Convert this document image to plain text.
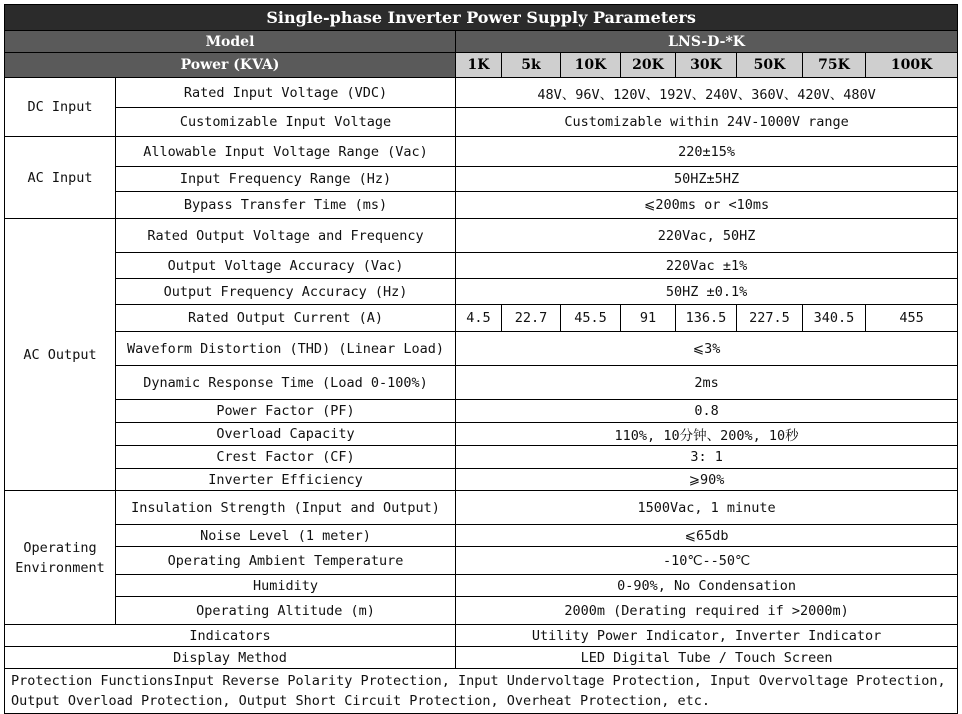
Single-phase Inverter Power Supply Parameters									
Model		LNS-D-*K							
Power (KVA)		1K	5k	10K	20K	30K	50K	75K	100K
DC Input	Rated Input Voltage (VDC)	48V、96V、120V、192V、240V、360V、420V、480V							
	Customizable Input Voltage	Customizable within 24V-1000V range							
AC Input	Allowable Input Voltage Range (Vac)	220±15%							
	Input Frequency Range (Hz)	50HZ±5HZ							
	Bypass Transfer Time (ms)	⩽200ms or <10ms							
AC Output	Rated Output Voltage and Frequency	220Vac, 50HZ							
	Output Voltage Accuracy (Vac)	220Vac ±1%							
	Output Frequency Accuracy (Hz)	50HZ ±0.1%							
	Rated Output Current (A)	4.5	22.7	45.5	91	136.5	227.5	340.5	455
	Waveform Distortion (THD) (Linear Load)	⩽3%							
	Dynamic Response Time (Load 0-100%)	2ms							
	Power Factor (PF)	0.8							
	Overload Capacity	110%, 10分钟、200%, 10秒							
	Crest Factor (CF)	3: 1							
	Inverter Efficiency	⩾90%							
Operating Environment	Insulation Strength (Input and Output)	1500Vac, 1 minute							
	Noise Level (1 meter)	⩽65db							
	Operating Ambient Temperature	-10℃--50℃							
	Humidity	0-90%, No Condensation							
	Operating Altitude (m)	2000m (Derating required if >2000m)							
Indicators		Utility Power Indicator, Inverter Indicator							
Display Method		LED Digital Tube / Touch Screen							
Protection FunctionsInput Reverse Polarity Protection, Input Undervoltage Protection, Input Overvoltage Protection, Output Overload Protection, Output Short Circuit Protection, Overheat Protection, etc.									
